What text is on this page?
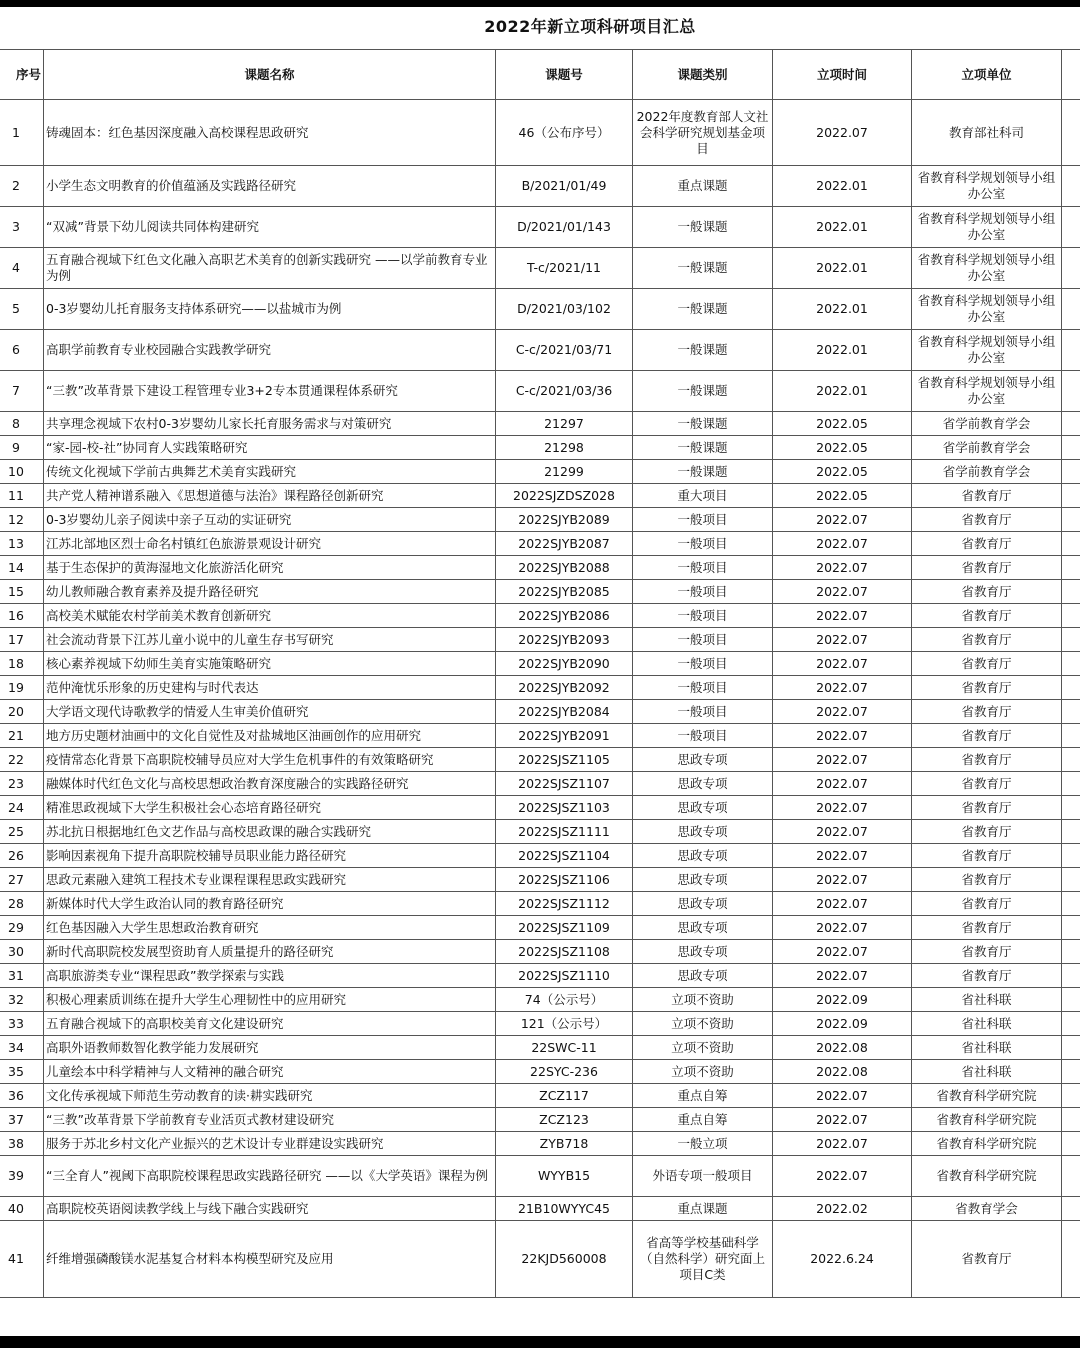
2022年新立项科研项目汇总
序号	课题名称	课题号	课题类别	立项时间	立项单位	
1	铸魂固本：红色基因深度融入高校课程思政研究	46（公布序号）	2022年度教育部人文社会科学研究规划基金项目	2022.07	教育部社科司	
2	小学生态文明教育的价值蕴涵及实践路径研究	B/2021/01/49	重点课题	2022.01	省教育科学规划领导小组办公室	
3	“双减”背景下幼儿阅读共同体构建研究	D/2021/01/143	一般课题	2022.01	省教育科学规划领导小组办公室	
4	五育融合视域下红色文化融入高职艺术美育的创新实践研究 ——以学前教育专业为例	T-c/2021/11	一般课题	2022.01	省教育科学规划领导小组办公室	
5	0-3岁婴幼儿托育服务支持体系研究——以盐城市为例	D/2021/03/102	一般课题	2022.01	省教育科学规划领导小组办公室	
6	高职学前教育专业校园融合实践教学研究	C-c/2021/03/71	一般课题	2022.01	省教育科学规划领导小组办公室	
7	“三教”改革背景下建设工程管理专业3+2专本贯通课程体系研究	C-c/2021/03/36	一般课题	2022.01	省教育科学规划领导小组办公室	
8	共享理念视域下农村0-3岁婴幼儿家长托育服务需求与对策研究	21297	一般课题	2022.05	省学前教育学会	
9	“家-园-校-社”协同育人实践策略研究	21298	一般课题	2022.05	省学前教育学会	
10	传统文化视域下学前古典舞艺术美育实践研究	21299	一般课题	2022.05	省学前教育学会	
11	共产党人精神谱系融入《思想道德与法治》课程路径创新研究	2022SJZDSZ028	重大项目	2022.05	省教育厅	
12	0-3岁婴幼儿亲子阅读中亲子互动的实证研究	2022SJYB2089	一般项目	2022.07	省教育厅	
13	江苏北部地区烈士命名村镇红色旅游景观设计研究	2022SJYB2087	一般项目	2022.07	省教育厅	
14	基于生态保护的黄海湿地文化旅游活化研究	2022SJYB2088	一般项目	2022.07	省教育厅	
15	幼儿教师融合教育素养及提升路径研究	2022SJYB2085	一般项目	2022.07	省教育厅	
16	高校美术赋能农村学前美术教育创新研究	2022SJYB2086	一般项目	2022.07	省教育厅	
17	社会流动背景下江苏儿童小说中的儿童生存书写研究	2022SJYB2093	一般项目	2022.07	省教育厅	
18	核心素养视域下幼师生美育实施策略研究	2022SJYB2090	一般项目	2022.07	省教育厅	
19	范仲淹忧乐形象的历史建构与时代表达	2022SJYB2092	一般项目	2022.07	省教育厅	
20	大学语文现代诗歌教学的情爱人生审美价值研究	2022SJYB2084	一般项目	2022.07	省教育厅	
21	地方历史题材油画中的文化自觉性及对盐城地区油画创作的应用研究	2022SJYB2091	一般项目	2022.07	省教育厅	
22	疫情常态化背景下高职院校辅导员应对大学生危机事件的有效策略研究	2022SJSZ1105	思政专项	2022.07	省教育厅	
23	融媒体时代红色文化与高校思想政治教育深度融合的实践路径研究	2022SJSZ1107	思政专项	2022.07	省教育厅	
24	精准思政视域下大学生积极社会心态培育路径研究	2022SJSZ1103	思政专项	2022.07	省教育厅	
25	苏北抗日根据地红色文艺作品与高校思政课的融合实践研究	2022SJSZ1111	思政专项	2022.07	省教育厅	
26	影响因素视角下提升高职院校辅导员职业能力路径研究	2022SJSZ1104	思政专项	2022.07	省教育厅	
27	思政元素融入建筑工程技术专业课程课程思政实践研究	2022SJSZ1106	思政专项	2022.07	省教育厅	
28	新媒体时代大学生政治认同的教育路径研究	2022SJSZ1112	思政专项	2022.07	省教育厅	
29	红色基因融入大学生思想政治教育研究	2022SJSZ1109	思政专项	2022.07	省教育厅	
30	新时代高职院校发展型资助育人质量提升的路径研究	2022SJSZ1108	思政专项	2022.07	省教育厅	
31	高职旅游类专业“课程思政”教学探索与实践	2022SJSZ1110	思政专项	2022.07	省教育厅	
32	积极心理素质训练在提升大学生心理韧性中的应用研究	74（公示号）	立项不资助	2022.09	省社科联	
33	五育融合视域下的高职校美育文化建设研究	121（公示号）	立项不资助	2022.09	省社科联	
34	高职外语教师数智化教学能力发展研究	22SWC-11	立项不资助	2022.08	省社科联	
35	儿童绘本中科学精神与人文精神的融合研究	22SYC-236	立项不资助	2022.08	省社科联	
36	文化传承视域下师范生劳动教育的读·耕实践研究	ZCZ117	重点自筹	2022.07	省教育科学研究院	
37	“三教”改革背景下学前教育专业活页式教材建设研究	ZCZ123	重点自筹	2022.07	省教育科学研究院	
38	服务于苏北乡村文化产业振兴的艺术设计专业群建设实践研究	ZYB718	一般立项	2022.07	省教育科学研究院	
39	“三全育人”视阈下高职院校课程思政实践路径研究 ——以《大学英语》课程为例	WYYB15	外语专项一般项目	2022.07	省教育科学研究院	
40	高职院校英语阅读教学线上与线下融合实践研究	21B10WYYC45	重点课题	2022.02	省教育学会	
41	纤维增强磷酸镁水泥基复合材料本构模型研究及应用	22KJD560008	省高等学校基础科学（自然科学）研究面上项目C类	2022.6.24	省教育厅	
